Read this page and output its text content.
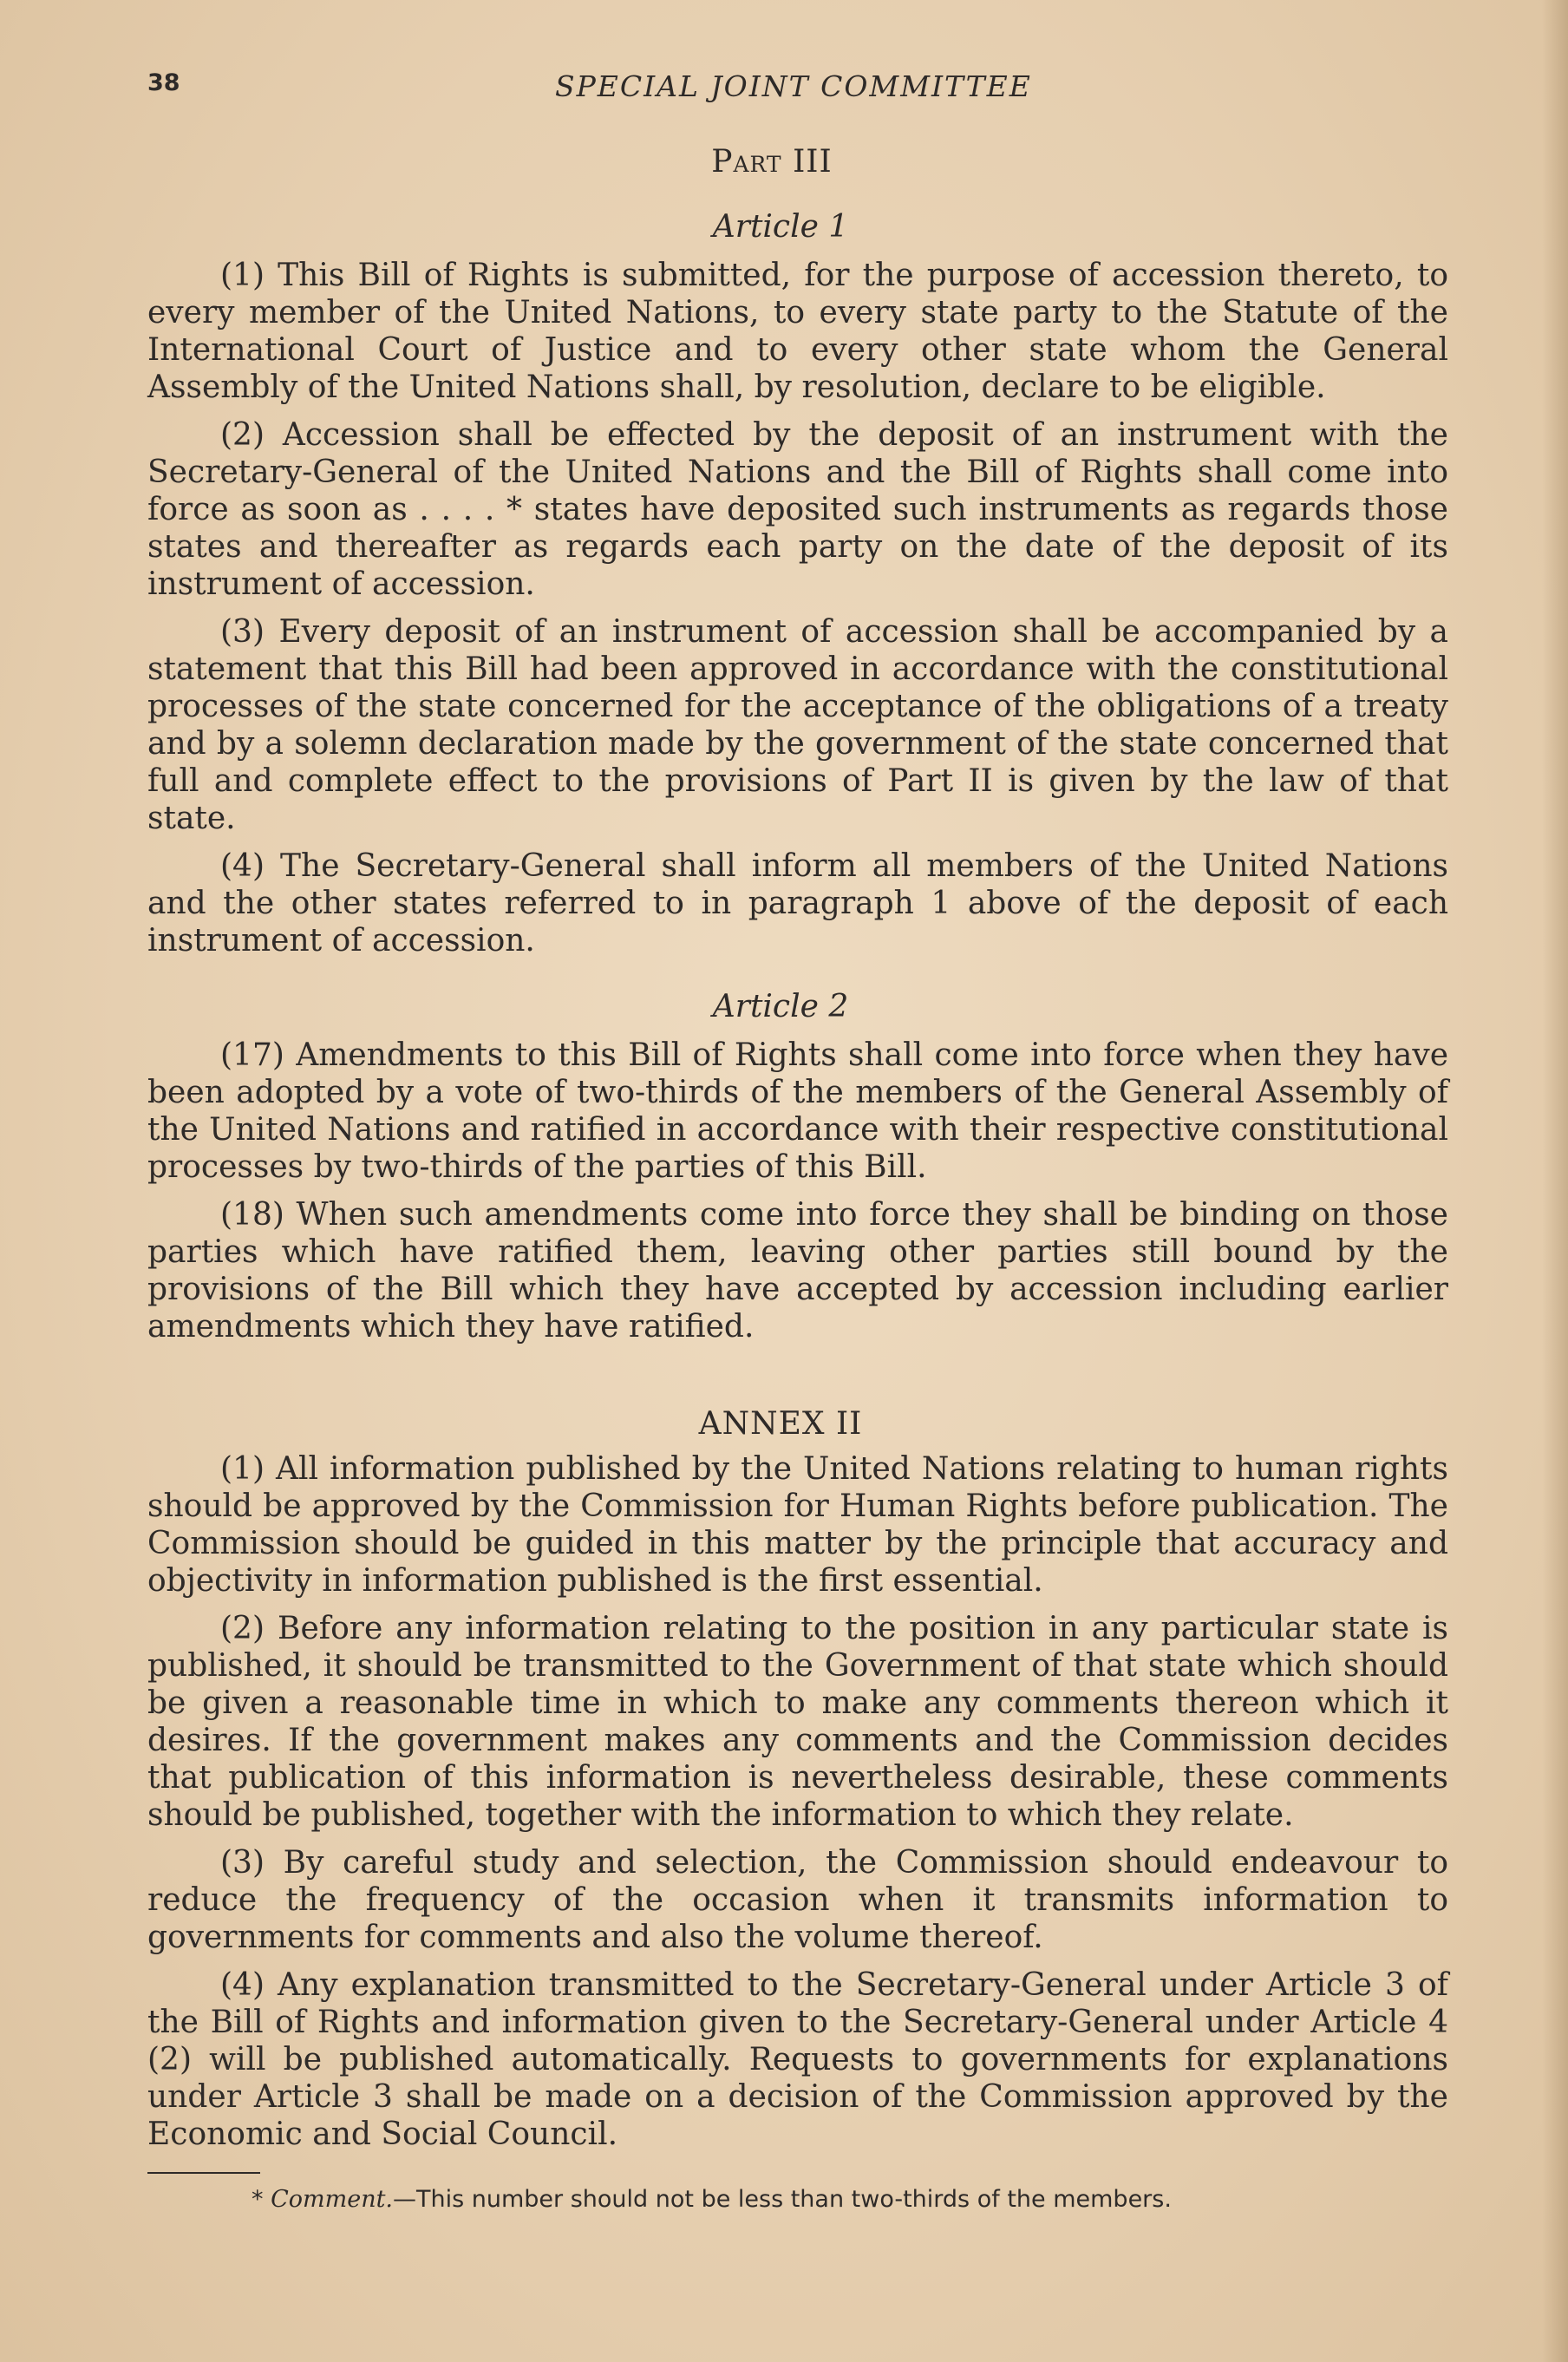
38	SPECIAL JOINT COMMITTEE
Part III
Article 1

(1) This Bill of Rights is submitted, for the purpose of accession thereto, to every member of the United Nations, to every state party to the Statute of the International Court of Justice and to every other state whom the General Assembly of the United Nations shall, by resolution, declare to be eligible.

(2) Accession shall be effected by the deposit of an instrument with the Secretary-General of the United Nations and the Bill of Rights shall come into force as soon as . . . . * states have deposited such instruments as regards those states and thereafter as regards each party on the date of the deposit of its instrument of accession.

(3) Every deposit of an instrument of accession shall be accompanied by a statement that this Bill had been approved in accordance with the constitutional processes of the state concerned for the acceptance of the obligations of a treaty and by a solemn declaration made by the government of the state concerned that full and complete effect to the provisions of Part II is given by the law of that state.

(4) The Secretary-General shall inform all members of the United Nations and the other states referred to in paragraph 1 above of the deposit of each instrument of accession.

Article 2

(17) Amendments to this Bill of Rights shall come into force when they have been adopted by a vote of two-thirds of the members of the General Assembly of the United Nations and ratified in accordance with their respective constitutional processes by two-thirds of the parties of this Bill.

(18) When such amendments come into force they shall be binding on those parties which have ratified them, leaving other parties still bound by the provisions of the Bill which they have accepted by accession including earlier amendments which they have ratified.

ANNEX II

(1) All information published by the United Nations relating to human rights should be approved by the Commission for Human Rights before publication. The Commission should be guided in this matter by the principle that accuracy and objectivity in information published is the first essential.

(2) Before any information relating to the position in any particular state is published, it should be transmitted to the Government of that state which should be given a reasonable time in which to make any comments thereon which it desires. If the government makes any comments and the Commission decides that publication of this information is nevertheless desirable, these comments should be published, together with the information to which they relate.

(3) By careful study and selection, the Commission should endeavour to reduce the frequency of the occasion when it transmits information to governments for comments and also the volume thereof.

(4) Any explanation transmitted to the Secretary-General under Article 3 of the Bill of Rights and information given to the Secretary-General under Article 4 (2) will be published automatically. Requests to governments for explanations under Article 3 shall be made on a decision of the Commission approved by the Economic and Social Council.

* Comment.—This number should not be less than two-thirds of the members.
